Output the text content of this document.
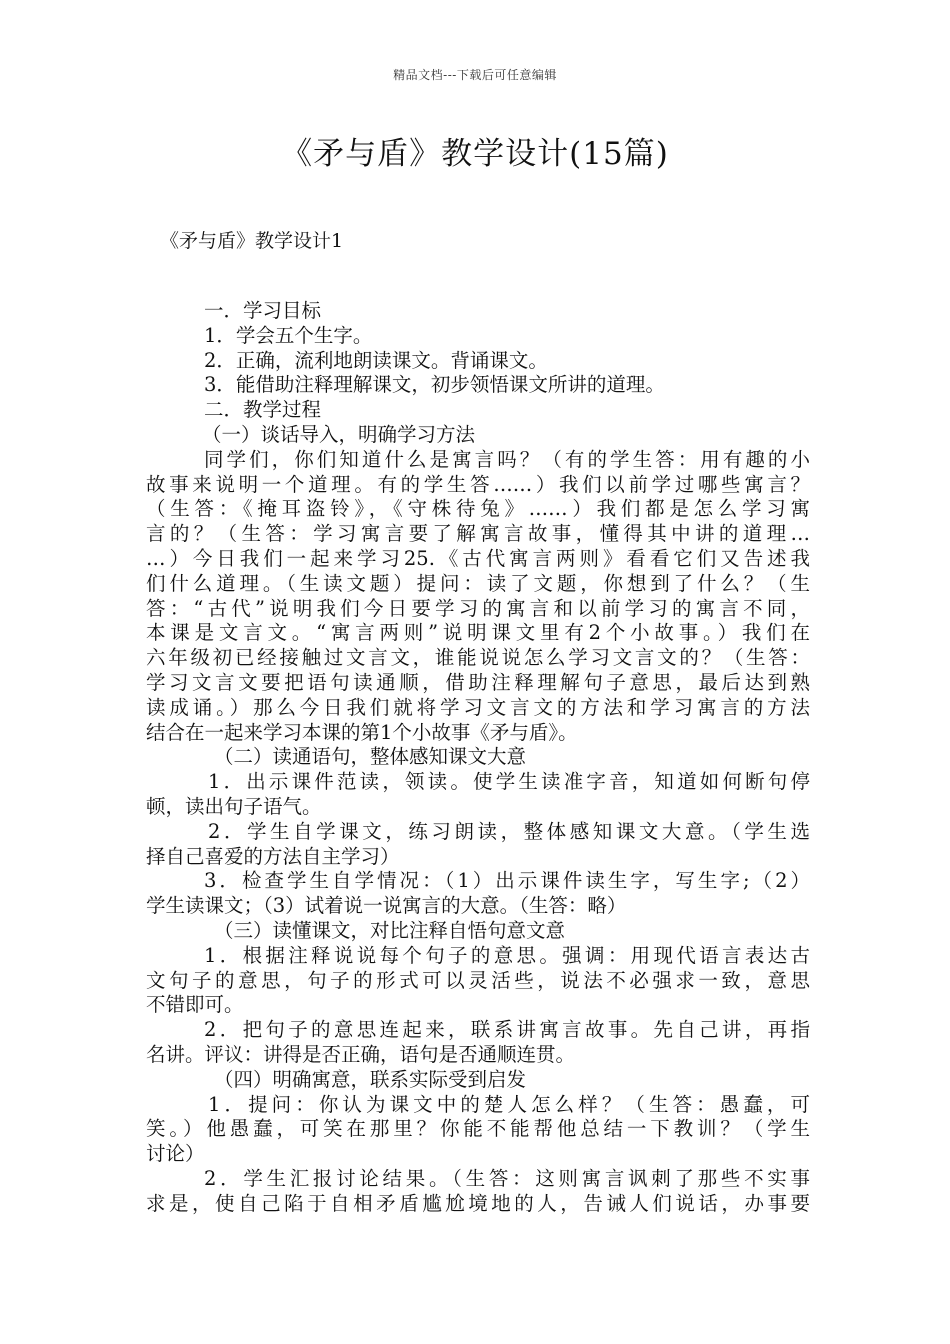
精品文档---下载后可任意编辑
《矛与盾》教学设计(15篇)
《矛与盾》教学设计1
一．学习目标
1．学会五个生字。
2．正确，流利地朗读课文。背诵课文。
3．能借助注释理解课文，初步领悟课文所讲的道理。
二．教学过程
（一）谈话导入，明确学习方法
同学们，你们知道什么是寓言吗？（有的学生答：用有趣的小
故事来说明一个道理。有的学生答……）我们以前学过哪些寓言？
（生答：《掩耳盗铃》，《守株待兔》……）我们都是怎么学习寓
言的？（生答：学习寓言要了解寓言故事，懂得其中讲的道理…
…）今日我们一起来学习25.《古代寓言两则》看看它们又告述我
们什么道理。（生读文题）提问：读了文题，你想到了什么？（生
答：“古代”说明我们今日要学习的寓言和以前学习的寓言不同，
本课是文言文。“寓言两则”说明课文里有2个小故事。）我们在
六年级初已经接触过文言文，谁能说说怎么学习文言文的？（生答：
学习文言文要把语句读通顺，借助注释理解句子意思，最后达到熟
读成诵。）那么今日我们就将学习文言文的方法和学习寓言的方法
结合在一起来学习本课的第1个小故事《矛与盾》。
（二）读通语句，整体感知课文大意
1．出示课件范读，领读。使学生读准字音，知道如何断句停
顿，读出句子语气。
2．学生自学课文，练习朗读，整体感知课文大意。（学生选
择自己喜爱的方法自主学习）
3．检查学生自学情况：（1）出示课件读生字，写生字;（2）
学生读课文；（3）试着说一说寓言的大意。（生答：略）
（三）读懂课文，对比注释自悟句意文意
1．根据注释说说每个句子的意思。强调：用现代语言表达古
文句子的意思，句子的形式可以灵活些，说法不必强求一致，意思
不错即可。
2．把句子的意思连起来，联系讲寓言故事。先自己讲，再指
名讲。评议：讲得是否正确，语句是否通顺连贯。
（四）明确寓意，联系实际受到启发
1．提问：你认为课文中的楚人怎么样？（生答：愚蠢，可
笑。）他愚蠢，可笑在那里？你能不能帮他总结一下教训？（学生
讨论）
2．学生汇报讨论结果。（生答：这则寓言讽刺了那些不实事
求是，使自己陷于自相矛盾尴尬境地的人，告诫人们说话，办事要
